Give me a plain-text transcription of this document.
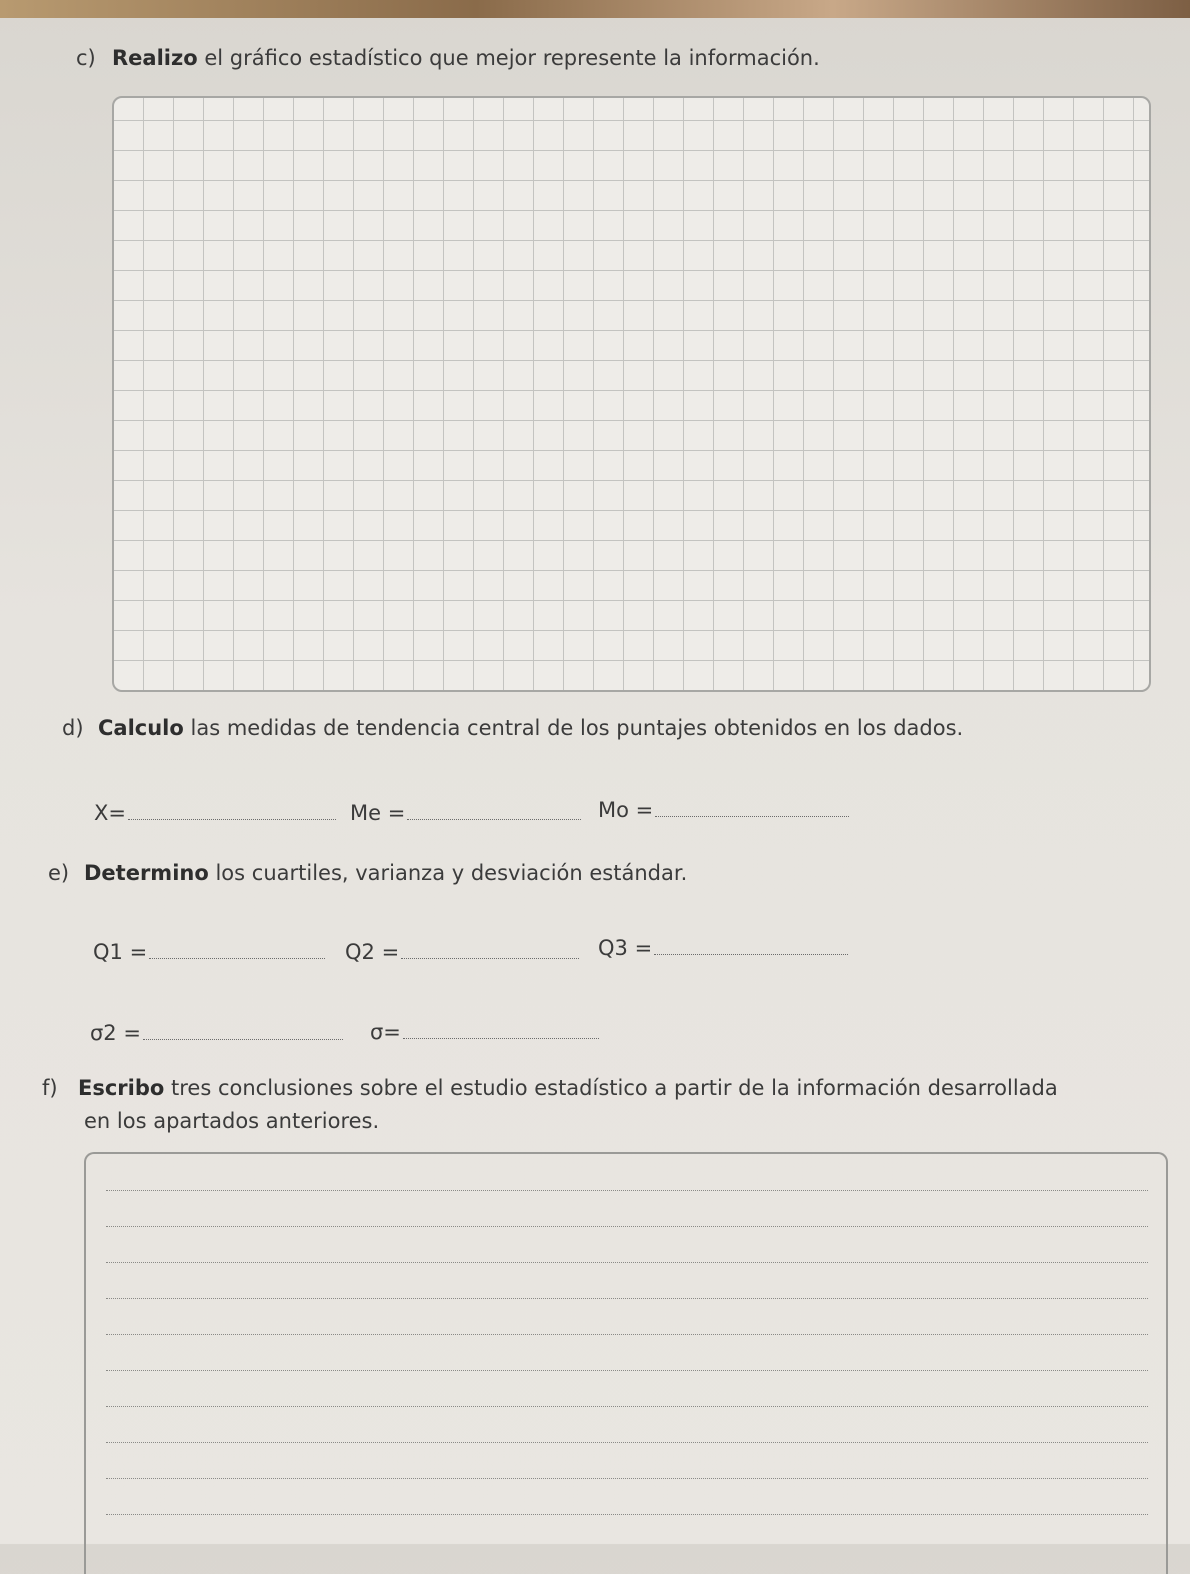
c) Realizo el gráfico estadístico que mejor represente la información.
d) Calculo las medidas de tendencia central de los puntajes obtenidos en los dados.
X=	Me =	Mo =
e) Determino los cuartiles, varianza y desviación estándar.
Q1 =	Q2 =	Q3 =
σ2 =	σ=
f) Escribo tres conclusiones sobre el estudio estadístico a partir de la información desarrollada
en los apartados anteriores.
